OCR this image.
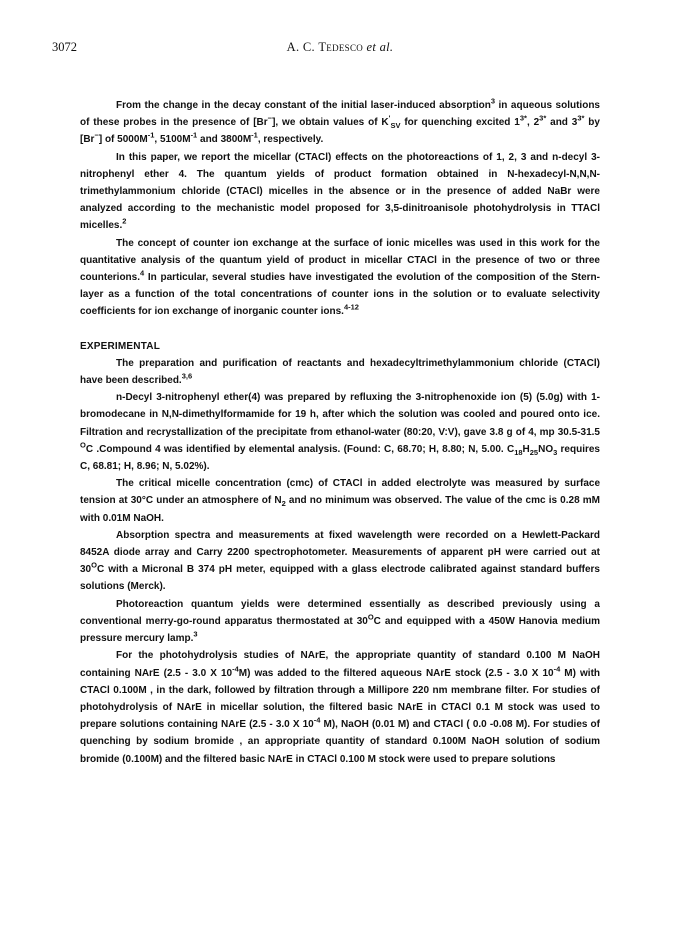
3072	A. C. Tedesco et al.

From the change in the decay constant of the initial laser-induced absorption$^3$ in aqueous solutions of these probes in the presence of [Br−], we obtain values of $K'_{SV}$ for quenching excited $1^{3*}$, $2^{3*}$ and $3^{3*}$ by [Br−] of $5000M^{-1}$, $5100M^{-1}$ and $3800M^{-1}$, respectively.

In this paper, we report the micellar (CTACl) effects on the photoreactions of 1, 2, 3 and n-decyl 3-nitrophenyl ether 4. The quantum yields of product formation obtained in N-hexadecyl-N,N,N-trimethylammonium chloride (CTACl) micelles in the absence or in the presence of added NaBr were analyzed according to the mechanistic model proposed for 3,5-dinitroanisole photohydrolysis in TTACl micelles.$^2$

The concept of counter ion exchange at the surface of ionic micelles was used in this work for the quantitative analysis of the quantum yield of product in micellar CTACl in the presence of two or three counterions.$^4$ In particular, several studies have investigated the evolution of the composition of the Stern-layer as a function of the total concentrations of counter ions in the solution or to evaluate selectivity coefficients for ion exchange of inorganic counter ions.$^{4-12}$

EXPERIMENTAL

The preparation and purification of reactants and hexadecyltrimethylammonium chloride (CTACl) have been described.$^{3,6}$

n-Decyl 3-nitrophenyl ether(4) was prepared by refluxing the 3-nitrophenoxide ion (5) (5.0g) with 1-bromodecane in N,N-dimethylformamide for 19 h, after which the solution was cooled and poured onto ice. Filtration and recrystallization of the precipitate from ethanol-water (80:20, V:V), gave 3.8 g of 4, mp 30.5-31.5 $^O$C .Compound 4 was identified by elemental analysis. (Found: C, 68.70; H, 8.80; N, 5.00. $C_{18}H_{25}NO_3$ requires C, 68.81; H, 8.96; N, 5.02%).

The critical micelle concentration (cmc) of CTACl in added electrolyte was measured by surface tension at 30°C under an atmosphere of $N_2$ and no minimum was observed. The value of the cmc is 0.28 mM with 0.01M NaOH.

Absorption spectra and measurements at fixed wavelength were recorded on a Hewlett-Packard 8452A diode array and Carry 2200 spectrophotometer. Measurements of apparent pH were carried out at $30^OC$ with a Micronal B 374 pH meter, equipped with a glass electrode calibrated against standard buffers solutions (Merck).

Photoreaction quantum yields were determined essentially as described previously using a conventional merry-go-round apparatus thermostated at $30^OC$ and equipped with a 450W Hanovia medium pressure mercury lamp.$^3$

For the photohydrolysis studies of NArE, the appropriate quantity of standard 0.100 M NaOH containing NArE (2.5 - 3.0 X $10^{-4}M$) was added to the filtered aqueous NArE stock (2.5 - 3.0 X $10^{-4}$ M) with CTACl 0.100M , in the dark, followed by filtration through a Millipore 220 nm membrane filter. For studies of photohydrolysis of NArE in micellar solution, the filtered basic NArE in CTACl 0.1 M stock was used to prepare solutions containing NArE (2.5 - 3.0 X $10^{-4}$ M), NaOH (0.01 M) and CTACl ( 0.0 -0.08 M). For studies of quenching by sodium bromide , an appropriate quantity of standard 0.100M NaOH solution of sodium bromide (0.100M) and the filtered basic NArE in CTACl 0.100 M stock were used to prepare solutions
